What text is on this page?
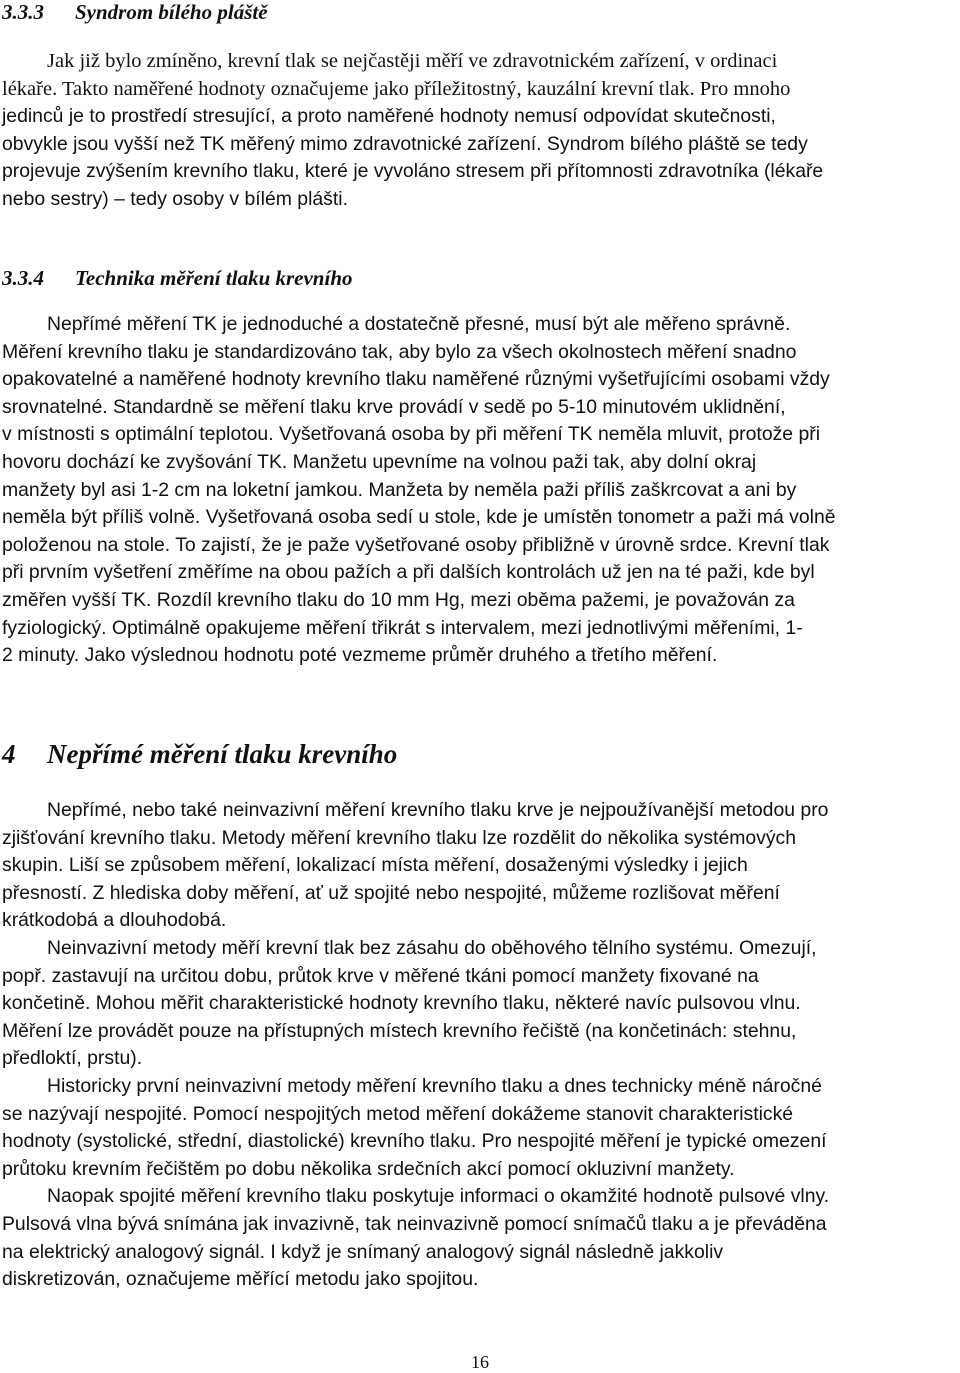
3.3.3 Syndrom bílého pláště
Jak již bylo zmíněno, krevní tlak se nejčastěji měří ve zdravotnickém zařízení, v ordinaci
lékaře. Takto naměřené hodnoty označujeme jako příležitostný, kauzální krevní tlak. Pro mnoho
jedinců je to prostředí stresující, a proto naměřené hodnoty nemusí odpovídat skutečnosti,
obvykle jsou vyšší než TK měřený mimo zdravotnické zařízení. Syndrom bílého pláště se tedy
projevuje zvýšením krevního tlaku, které je vyvoláno stresem při přítomnosti zdravotníka (lékaře
nebo sestry) – tedy osoby v bílém plášti.
3.3.4 Technika měření tlaku krevního
Nepřímé měření TK je jednoduché a dostatečně přesné, musí být ale měřeno správně.
Měření krevního tlaku je standardizováno tak, aby bylo za všech okolnostech měření snadno
opakovatelné a naměřené hodnoty krevního tlaku naměřené různými vyšetřujícími osobami vždy
srovnatelné. Standardně se měření tlaku krve provádí v sedě po 5-10 minutovém uklidnění,
v místnosti s optimální teplotou. Vyšetřovaná osoba by při měření TK neměla mluvit, protože při
hovoru dochází ke zvyšování TK. Manžetu upevníme na volnou paži tak, aby dolní okraj
manžety byl asi 1-2 cm na loketní jamkou. Manžeta by neměla paži příliš zaškrcovat a ani by
neměla být příliš volně. Vyšetřovaná osoba sedí u stole, kde je umístěn tonometr a paži má volně
položenou na stole. To zajistí, že je paže vyšetřované osoby přibližně v úrovně srdce. Krevní tlak
při prvním vyšetření změříme na obou pažích a při dalších kontrolách už jen na té paži, kde byl
změřen vyšší TK. Rozdíl krevního tlaku do 10 mm Hg, mezi oběma pažemi, je považován za
fyziologický. Optimálně opakujeme měření třikrát s intervalem, mezi jednotlivými měřeními, 1-
2 minuty. Jako výslednou hodnotu poté vezmeme průměr druhého a třetího měření.
4 Nepřímé měření tlaku krevního
Nepřímé, nebo také neinvazivní měření krevního tlaku krve je nejpoužívanější metodou pro
zjišťování krevního tlaku. Metody měření krevního tlaku lze rozdělit do několika systémových
skupin. Liší se způsobem měření, lokalizací místa měření, dosaženými výsledky i jejich
přesností. Z hlediska doby měření, ať už spojité nebo nespojité, můžeme rozlišovat měření
krátkodobá a dlouhodobá.
Neinvazivní metody měří krevní tlak bez zásahu do oběhového tělního systému. Omezují,
popř. zastavují na určitou dobu, průtok krve v měřené tkáni pomocí manžety fixované na
končetině. Mohou měřit charakteristické hodnoty krevního tlaku, některé navíc pulsovou vlnu.
Měření lze provádět pouze na přístupných místech krevního řečiště (na končetinách: stehnu,
předloktí, prstu).
Historicky první neinvazivní metody měření krevního tlaku a dnes technicky méně náročné
se nazývají nespojité. Pomocí nespojitých metod měření dokážeme stanovit charakteristické
hodnoty (systolické, střední, diastolické) krevního tlaku. Pro nespojité měření je typické omezení
průtoku krevním řečištěm po dobu několika srdečních akcí pomocí okluzivní manžety.
Naopak spojité měření krevního tlaku poskytuje informaci o okamžité hodnotě pulsové vlny.
Pulsová vlna bývá snímána jak invazivně, tak neinvazivně pomocí snímačů tlaku a je převáděna
na elektrický analogový signál. I když je snímaný analogový signál následně jakkoliv
diskretizován, označujeme měřící metodu jako spojitou.
16
